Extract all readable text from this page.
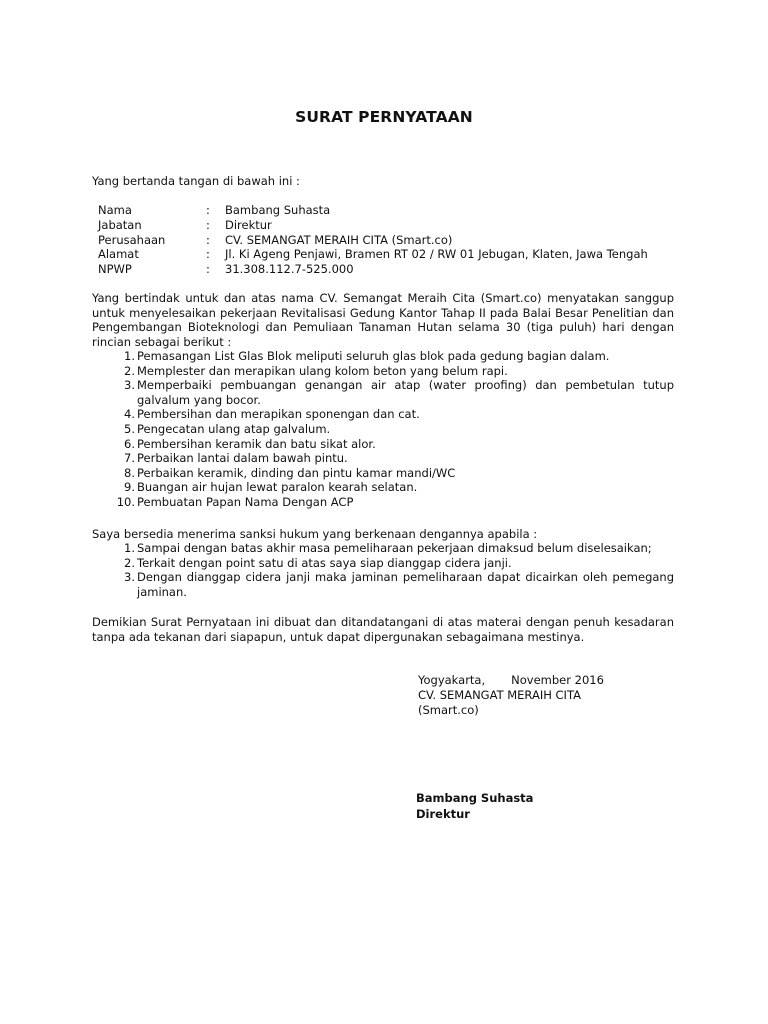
SURAT PERNYATAAN
Yang bertanda tangan di bawah ini :
Nama	: Bambang Suhasta
Jabatan	: Direktur
Perusahaan	: CV. SEMANGAT MERAIH CITA (Smart.co)
Alamat	: Jl. Ki Ageng Penjawi, Bramen RT 02 / RW 01 Jebugan, Klaten, Jawa Tengah
NPWP	: 31.308.112.7-525.000
Yang bertindak untuk dan atas nama CV. Semangat Meraih Cita (Smart.co) menyatakan sanggup untuk menyelesaikan pekerjaan Revitalisasi Gedung Kantor Tahap II pada Balai Besar Penelitian dan Pengembangan Bioteknologi dan Pemuliaan Tanaman Hutan selama 30 (tiga puluh) hari dengan rincian sebagai berikut :
1. Pemasangan List Glas Blok meliputi seluruh glas blok pada gedung bagian dalam.
2. Memplester dan merapikan ulang kolom beton yang belum rapi.
3. Memperbaiki pembuangan genangan air atap (water proofing) dan pembetulan tutup galvalum yang bocor.
4. Pembersihan dan merapikan sponengan dan cat.
5. Pengecatan ulang atap galvalum.
6. Pembersihan keramik dan batu sikat alor.
7. Perbaikan lantai dalam bawah pintu.
8. Perbaikan keramik, dinding dan pintu kamar mandi/WC
9. Buangan air hujan lewat paralon kearah selatan.
10. Pembuatan Papan Nama Dengan ACP
Saya bersedia menerima sanksi hukum yang berkenaan dengannya apabila :
1. Sampai dengan batas akhir masa pemeliharaan pekerjaan dimaksud belum diselesaikan;
2. Terkait dengan point satu di atas saya siap dianggap cidera janji.
3. Dengan dianggap cidera janji maka jaminan pemeliharaan dapat dicairkan oleh pemegang jaminan.
Demikian Surat Pernyataan ini dibuat dan ditandatangani di atas materai dengan penuh kesadaran tanpa ada tekanan dari siapapun, untuk dapat dipergunakan sebagaimana mestinya.
Yogyakarta, November 2016
CV. SEMANGAT MERAIH CITA
(Smart.co)
Bambang Suhasta
Direktur
